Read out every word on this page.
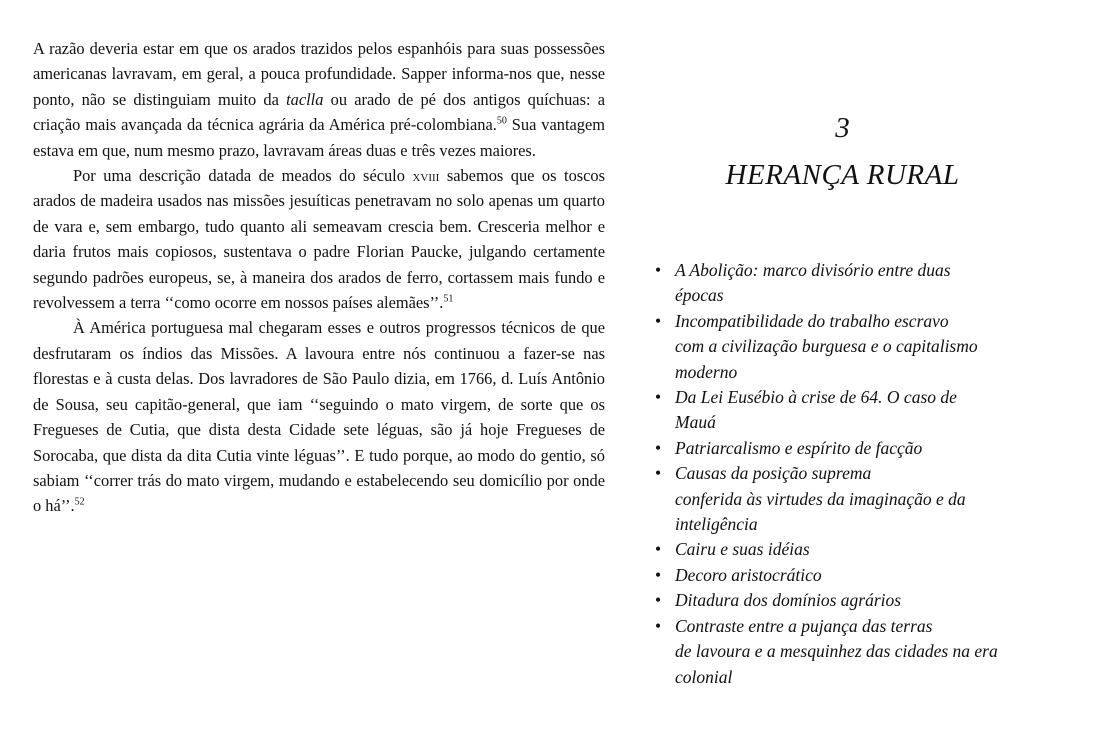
A razão deveria estar em que os arados trazidos pelos espanhóis para suas possessões americanas lavravam, em geral, a pouca profundidade. Sapper informa-nos que, nesse ponto, não se distinguiam muito da taclla ou arado de pé dos antigos quíchuas: a criação mais avançada da técnica agrária da América pré-colombiana.$^{50}$ Sua vantagem estava em que, num mesmo prazo, lavravam áreas duas e três vezes maiores.

Por uma descrição datada de meados do século xviii sabemos que os toscos arados de madeira usados nas missões jesuíticas penetravam no solo apenas um quarto de vara e, sem embargo, tudo quanto ali semeavam crescia bem. Cresceria melhor e daria frutos mais copiosos, sustentava o padre Florian Paucke, julgando certamente segundo padrões europeus, se, à maneira dos arados de ferro, cortassem mais fundo e revolvessem a terra ‘‘como ocorre em nossos países alemães’’.$^{51}$

À América portuguesa mal chegaram esses e outros progressos técnicos de que desfrutaram os índios das Missões. A lavoura entre nós continuou a fazer-se nas florestas e à custa delas. Dos lavradores de São Paulo dizia, em 1766, d. Luís Antônio de Sousa, seu capitão-general, que iam ‘‘seguindo o mato virgem, de sorte que os Fregueses de Cutia, que dista desta Cidade sete léguas, são já hoje Fregueses de Sorocaba, que dista da dita Cutia vinte léguas’’. E tudo porque, ao modo do gentio, só sabiam ‘‘correr trás do mato virgem, mudando e estabelecendo seu domicílio por onde o há’’.$^{52}$

3
HERANÇA RURAL
• A Abolição: marco divisório entre duas
épocas
• Incompatibilidade do trabalho escravo
com a civilização burguesa e o capitalismo
moderno
• Da Lei Eusébio à crise de 64. O caso de
Mauá
• Patriarcalismo e espírito de facção
• Causas da posição suprema
conferida às virtudes da imaginação e da
inteligência
• Cairu e suas idéias
• Decoro aristocrático
• Ditadura dos domínios agrários
• Contraste entre a pujança das terras
de lavoura e a mesquinhez das cidades na era
colonial
